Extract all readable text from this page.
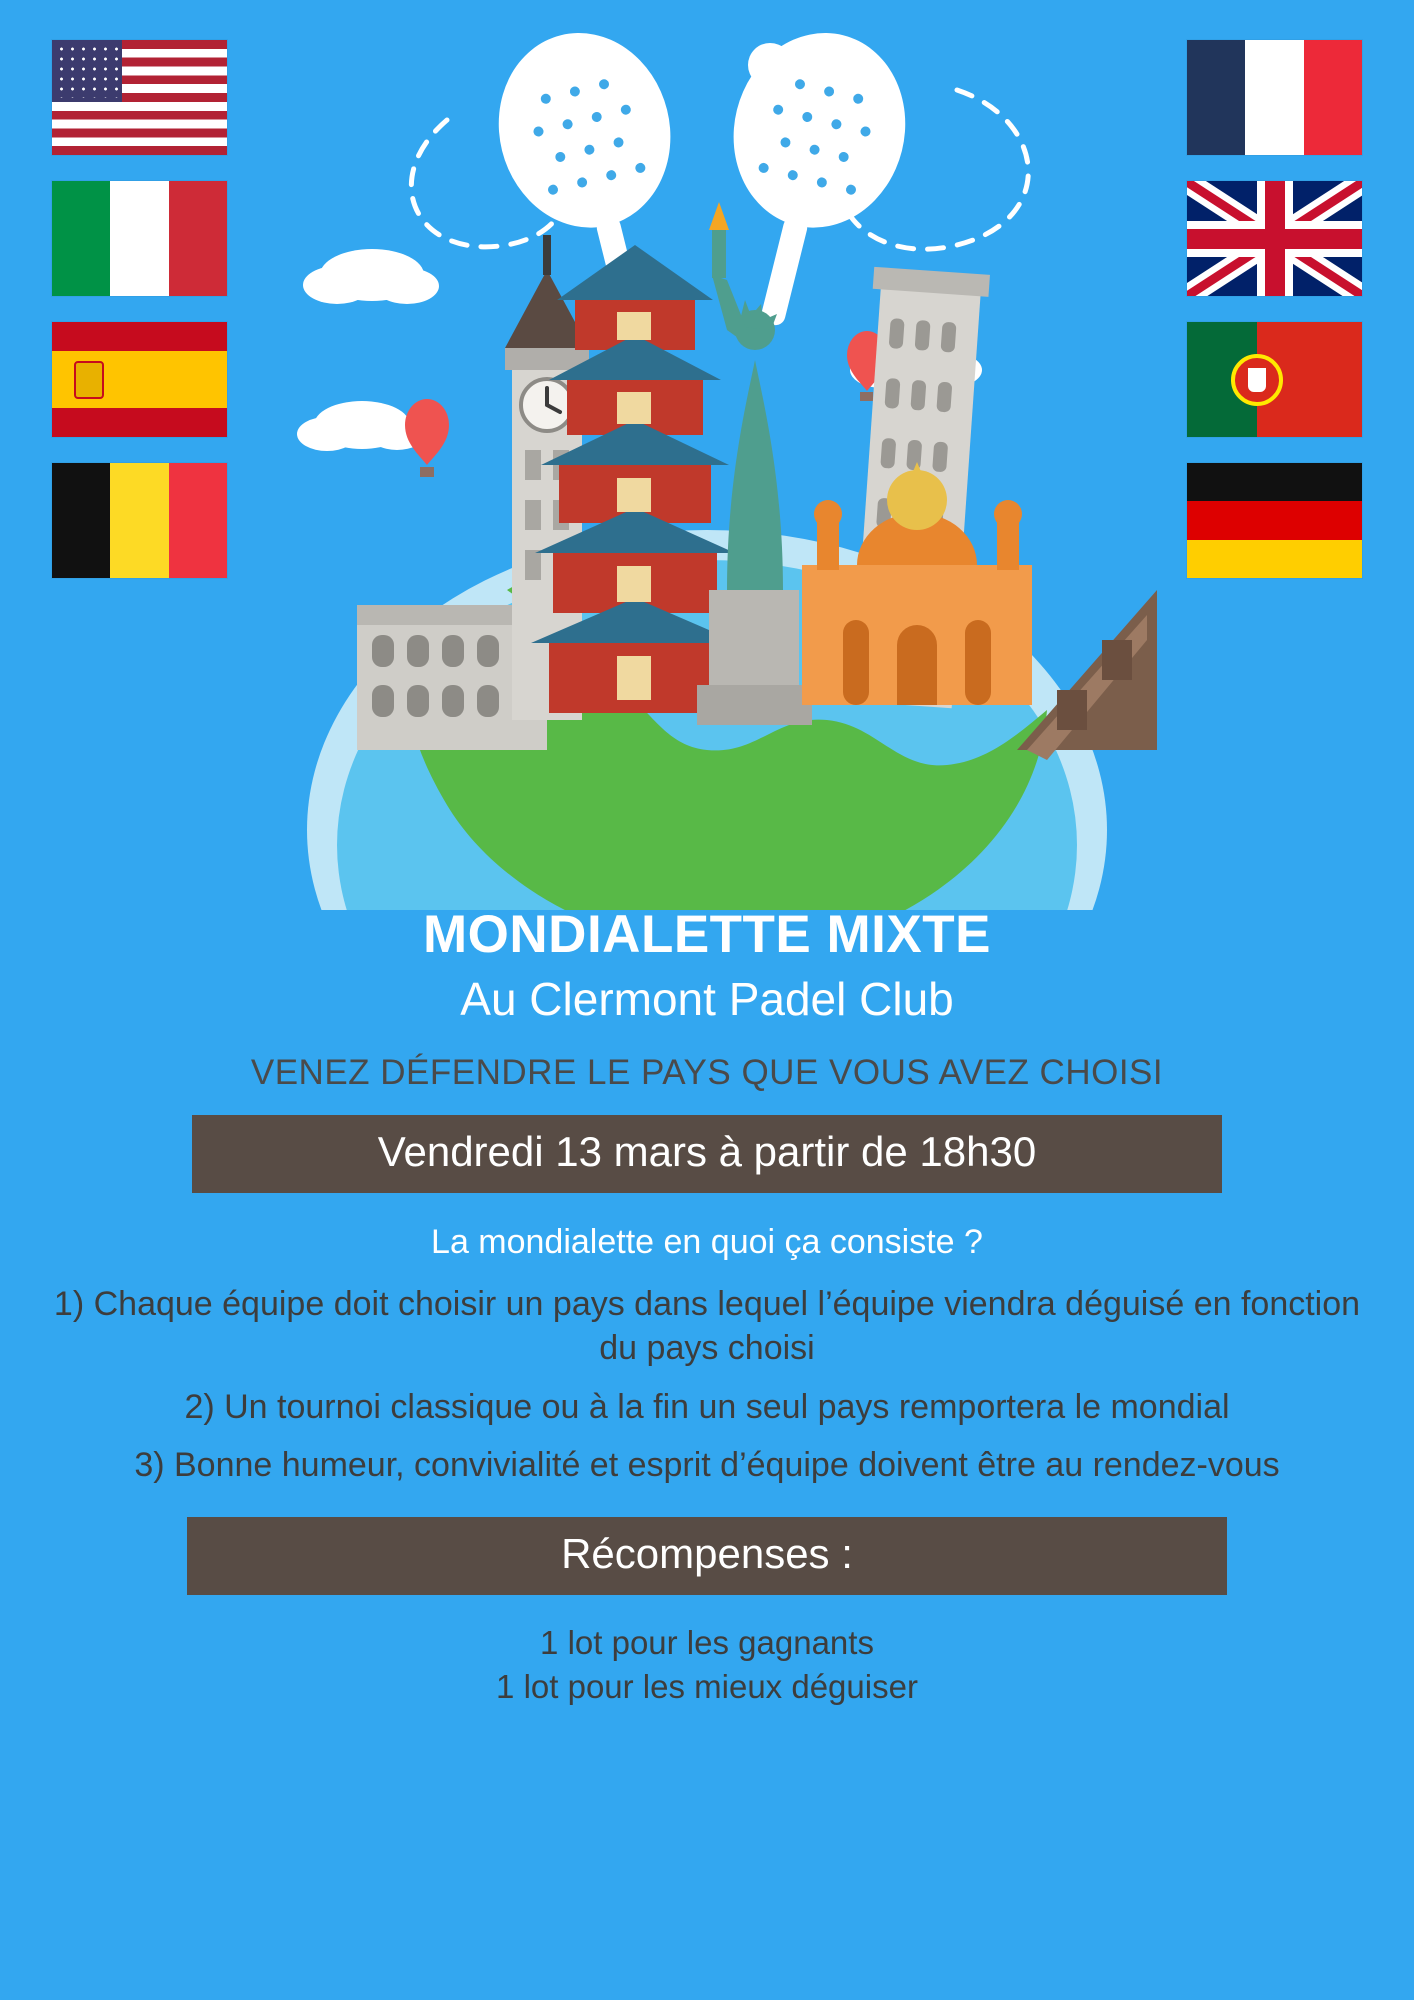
MONDIALETTE MIXTE
Au Clermont Padel Club

VENEZ DÉFENDRE LE PAYS QUE VOUS AVEZ CHOISI

Vendredi 13 mars à partir de 18h30

La mondialette en quoi ça consiste ?

1) Chaque équipe doit choisir un pays dans lequel l’équipe viendra déguisé en fonction du pays choisi

2) Un tournoi classique ou à la fin un seul pays remportera le mondial

3) Bonne humeur, convivialité et esprit d’équipe doivent être au rendez-vous

Récompenses :

1 lot pour les gagnants

1 lot pour les mieux déguiser
